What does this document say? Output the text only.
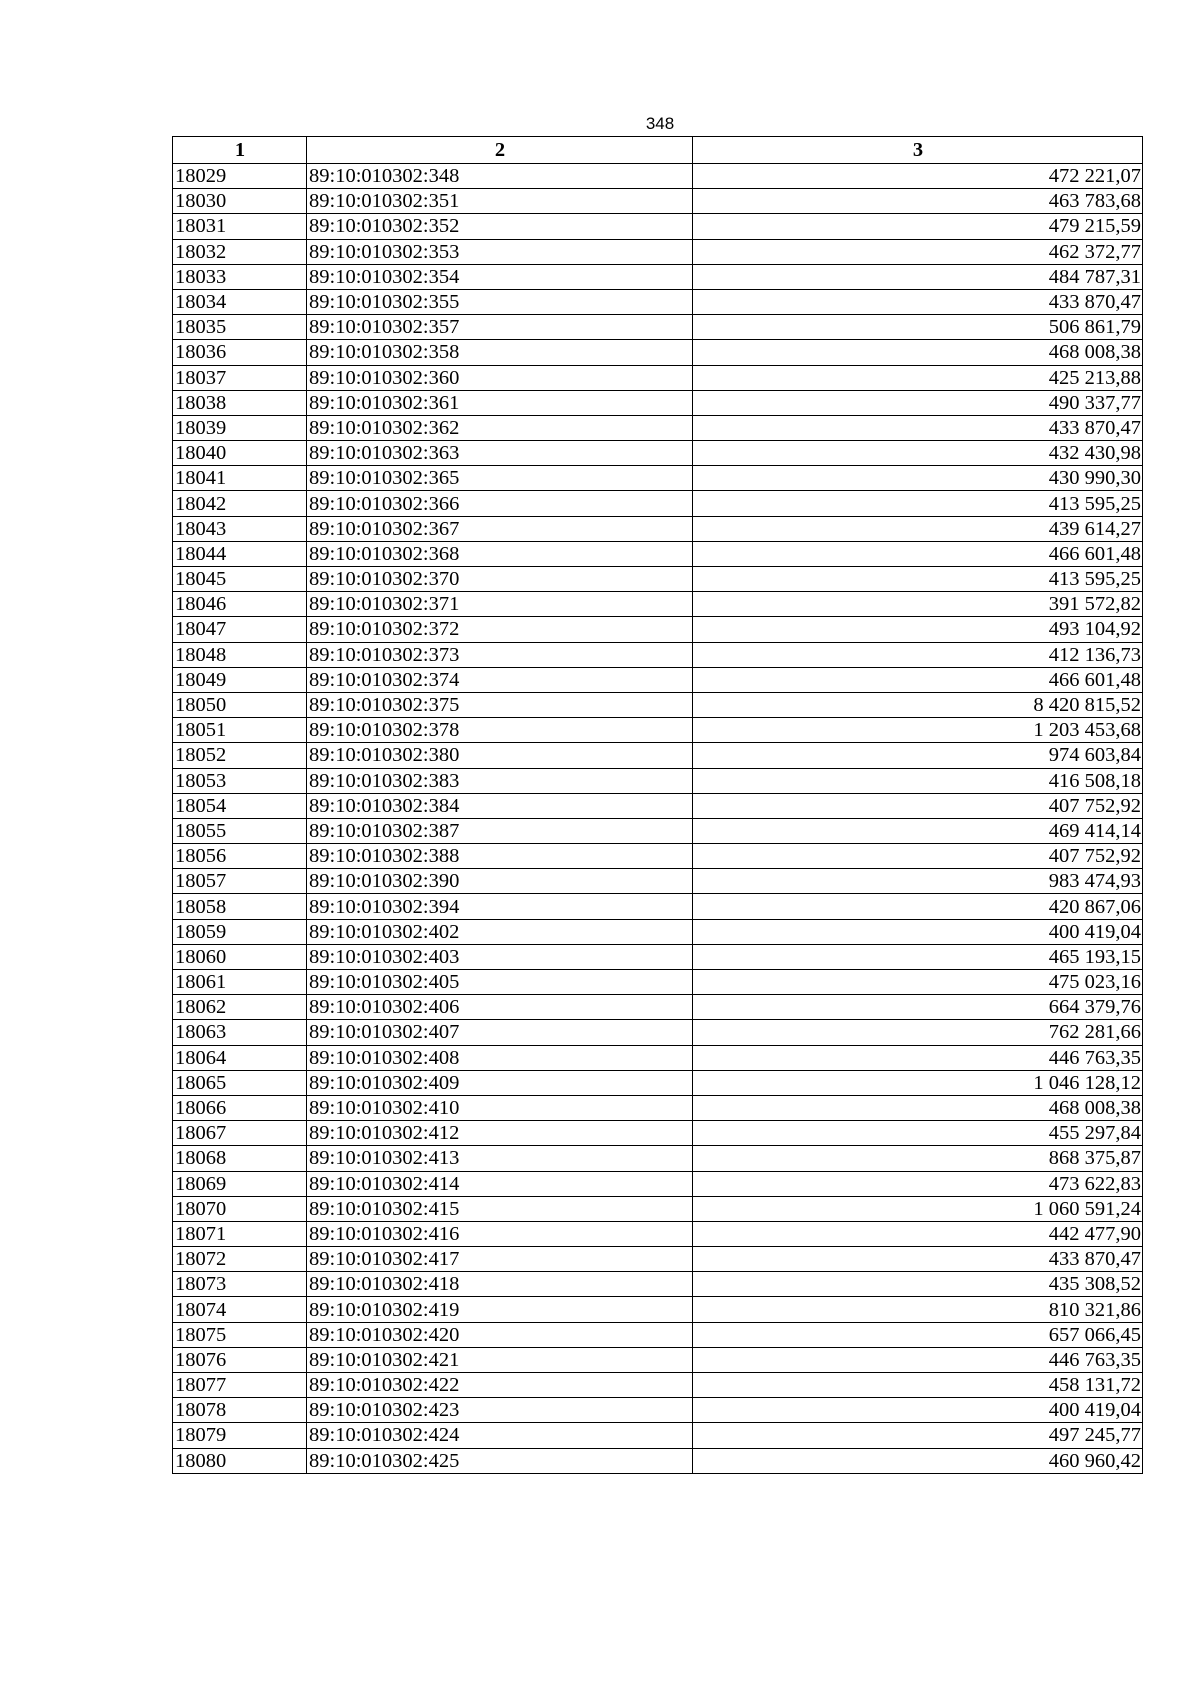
348
1	2	3
18029	89:10:010302:348	472 221,07
18030	89:10:010302:351	463 783,68
18031	89:10:010302:352	479 215,59
18032	89:10:010302:353	462 372,77
18033	89:10:010302:354	484 787,31
18034	89:10:010302:355	433 870,47
18035	89:10:010302:357	506 861,79
18036	89:10:010302:358	468 008,38
18037	89:10:010302:360	425 213,88
18038	89:10:010302:361	490 337,77
18039	89:10:010302:362	433 870,47
18040	89:10:010302:363	432 430,98
18041	89:10:010302:365	430 990,30
18042	89:10:010302:366	413 595,25
18043	89:10:010302:367	439 614,27
18044	89:10:010302:368	466 601,48
18045	89:10:010302:370	413 595,25
18046	89:10:010302:371	391 572,82
18047	89:10:010302:372	493 104,92
18048	89:10:010302:373	412 136,73
18049	89:10:010302:374	466 601,48
18050	89:10:010302:375	8 420 815,52
18051	89:10:010302:378	1 203 453,68
18052	89:10:010302:380	974 603,84
18053	89:10:010302:383	416 508,18
18054	89:10:010302:384	407 752,92
18055	89:10:010302:387	469 414,14
18056	89:10:010302:388	407 752,92
18057	89:10:010302:390	983 474,93
18058	89:10:010302:394	420 867,06
18059	89:10:010302:402	400 419,04
18060	89:10:010302:403	465 193,15
18061	89:10:010302:405	475 023,16
18062	89:10:010302:406	664 379,76
18063	89:10:010302:407	762 281,66
18064	89:10:010302:408	446 763,35
18065	89:10:010302:409	1 046 128,12
18066	89:10:010302:410	468 008,38
18067	89:10:010302:412	455 297,84
18068	89:10:010302:413	868 375,87
18069	89:10:010302:414	473 622,83
18070	89:10:010302:415	1 060 591,24
18071	89:10:010302:416	442 477,90
18072	89:10:010302:417	433 870,47
18073	89:10:010302:418	435 308,52
18074	89:10:010302:419	810 321,86
18075	89:10:010302:420	657 066,45
18076	89:10:010302:421	446 763,35
18077	89:10:010302:422	458 131,72
18078	89:10:010302:423	400 419,04
18079	89:10:010302:424	497 245,77
18080	89:10:010302:425	460 960,42
